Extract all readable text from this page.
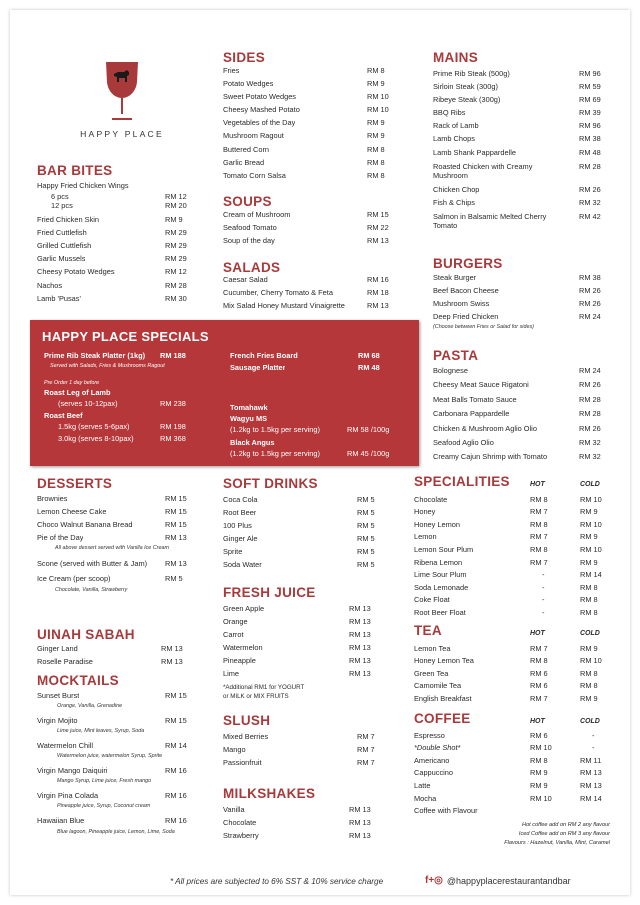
HAPPY PLACE
BAR BITES
Happy Fried Chicken Wings
6 pcs	RM 12
12 pcs	RM 20
Fried Chicken Skin	RM 9
Fried Cuttlefish	RM 29
Grilled Cuttlefish	RM 29
Garlic Mussels	RM 29
Cheesy Potato Wedges	RM 12
Nachos	RM 28
Lamb 'Pusas'	RM 30
SIDES
Fries	RM 8
Potato Wedges	RM 9
Sweet Potato Wedges	RM 10
Cheesy Mashed Potato	RM 10
Vegetables of the Day	RM 9
Mushroom Ragout	RM 9
Buttered Corn	RM 8
Garlic Bread	RM 8
Tomato Corn Salsa	RM 8
SOUPS
Cream of Mushroom	RM 15
Seafood Tomato	RM 22
Soup of the day	RM 13
SALADS
Caesar Salad	RM 16
Cucumber, Cherry Tomato & Feta	RM 18
Mix Salad Honey Mustard Vinaigrette	RM 13
MAINS
Prime Rib Steak (500g)	RM 96
Sirloin Steak (300g)	RM 59
Ribeye Steak (300g)	RM 69
BBQ Ribs	RM 39
Rack of Lamb	RM 96
Lamb Chops	RM 38
Lamb Shank Pappardelle	RM 48
Roasted Chicken with Creamy Mushroom
RM 28
Chicken Chop	RM 26
Fish & Chips	RM 32
Salmon in Balsamic Melted Cherry Tomato
RM 42
BURGERS
Steak Burger	RM 38
Beef Bacon Cheese	RM 26
Mushroom Swiss	RM 26
Deep Fried Chicken	RM 24
(Choose between Fries or Salad for sides)
PASTA
Bolognese	RM 24
Cheesy Meat Sauce Rigatoni	RM 26
Meat Balls Tomato Sauce	RM 28
Carbonara Pappardelle	RM 28
Chicken & Mushroom Aglio Olio	RM 26
Seafood Aglio Olio	RM 32
Creamy Cajun Shrimp with Tomato	RM 32
HAPPY PLACE SPECIALS
Prime Rib Steak Platter (1kg) RM 188
Served with Salads, Fries & Mushrooms Ragout
Pre Order 1 day before
Roast Leg of Lamb
(serves 10-12pax)	RM 238
Roast Beef
1.5kg (serves 5-6pax)	RM 198
3.0kg (serves 8-10pax)	RM 368
French Fries Board	RM 68
Sausage Platter	RM 48
Tomahawk
Wagyu MS
(1.2kg to 1.5kg per serving)	RM 58 /100g
Black Angus
(1.2kg to 1.5kg per serving)	RM 45 /100g
DESSERTS
Brownies	RM 15
Lemon Cheese Cake	RM 15
Choco Walnut Banana Bread	RM 15
Pie of the Day	RM 13
All above dessert served with Vanilla Ice Cream
Scone (served with Butter & Jam) RM 13
Ice Cream (per scoop)	RM 5
Chocolate, Vanilla, Strawberry
UINAH SABAH
Ginger Land	RM 13
Roselle Paradise	RM 13
MOCKTAILS
Sunset Burst	RM 15
Orange, Vanilla, Grenadine
Virgin Mojito	RM 15
Lime juice, Mint leaves, Syrup, Soda
Watermelon Chill	RM 14
Watermelon juice, watermelon Syrup, Sprite
Virgin Mango Daiquiri	RM 16
Mango Syrup, Lime juice, Fresh mango
Virgin Pina Colada	RM 16
Pineapple juice, Syrup, Coconut cream
Hawaiian Blue	RM 16
Blue lagoon, Pineapple juice, Lemon, Lime, Soda
SOFT DRINKS
Coca Cola	RM 5
Root Beer	RM 5
100 Plus	RM 5
Ginger Ale	RM 5
Sprite	RM 5
Soda Water	RM 5
FRESH JUICE
Green Apple	RM 13
Orange	RM 13
Carrot	RM 13
Watermelon	RM 13
Pineapple	RM 13
Lime	RM 13
*Additional RM1 for YOGURT
or MILK or MIX FRUITS
SLUSH
Mixed Berries	RM 7
Mango	RM 7
Passionfruit	RM 7
MILKSHAKES
Vanilla	RM 13
Chocolate	RM 13
Strawberry	RM 13
SPECIALITIES	HOT	COLD
Chocolate	RM 8	RM 10
Honey	RM 7	RM 9
Honey Lemon	RM 8	RM 10
Lemon	RM 7	RM 9
Lemon Sour Plum	RM 8	RM 10
Ribena Lemon	RM 7	RM 9
Lime Sour Plum	-	RM 14
Soda Lemonade	-	RM 8
Coke Float	-	RM 8
Root Beer Float	-	RM 8
TEA	HOT	COLD
Lemon Tea	RM 7	RM 9
Honey Lemon Tea	RM 8	RM 10
Green Tea	RM 6	RM 8
Camomile Tea	RM 6	RM 8
English Breakfast	RM 7	RM 9
COFFEE	HOT	COLD
Espresso	RM 6	-
*Double Shot*	RM 10	-
Americano	RM 8	RM 11
Cappuccino	RM 9	RM 13
Latte	RM 9	RM 13
Mocha	RM 10	RM 14
Coffee with Flavour
Hot coffee add on RM 2 any flavour
Iced Coffee add on RM 3 any flavour
Flavours : Hazelnut, Vanilla, Mint, Caramel
* All prices are subjected to 6% SST & 10% service charge	f+◎ @happyplacerestaurantandbar
